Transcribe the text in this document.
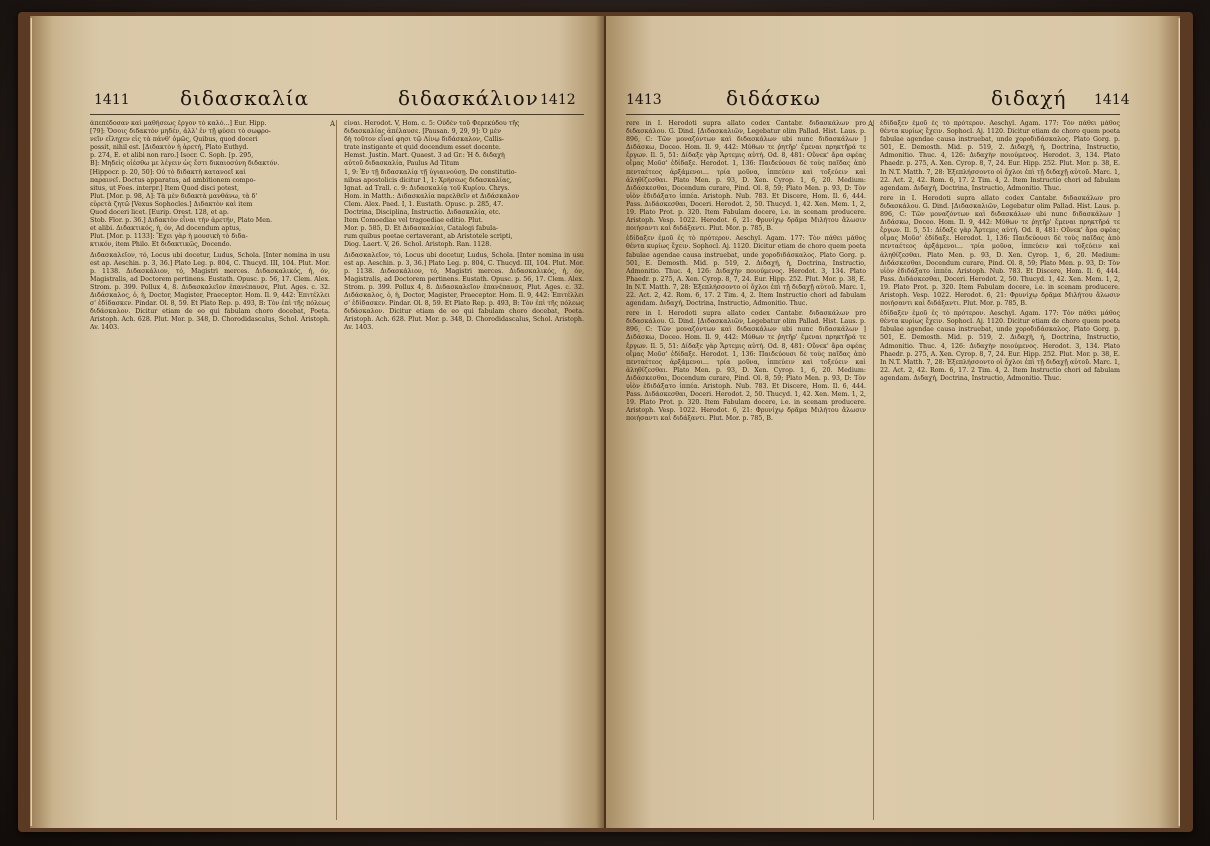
1411	διδασκαλία	διδασκάλιον 1412

ἀπεπέδοσαν καὶ μαθήσεως ἔργον τὸ καλὸ...] Eur. Hipp.

[79]: Ὅσοις διδακτὸν μηδέν, ἀλλ' ἐν τῇ φύσει τὸ σωφρο-

νεῖν εἴληχεν εἰς τὰ πάνθ' ὁμῶς, Quibus, quod doceri

possit, nihil est. [Διδακτὸν ἡ ἀρετή, Plato Euthyd.

p. 274, E. et alibi non raro.] Isocr. C. Soph. [p. 295,

B]: Μηδεὶς οἰέσθω με λέγειν ὡς ἔστι δικαιοσύνη διδακτόν.

[Hippocr. p. 20, 50]: Οὐ τὸ διδακτὴ κατανοεῖ καὶ

παραινεῖ. Doctus apparatus, ad ambitionem compo-

situs, ut Foes. interpr.] Item Quod disci potest,

Plut. [Mor. p. 98, A]: Τὰ μὲν διδακτὰ μανθάνω, τὰ δ'

εὑρετὰ ζητῶ [Vexus Sophocles.] Διδακτὸν καὶ item

Quod doceri licet. [Eurip. Orest. 128, et ap.

Stob. Flor. p. 36.] Διδακτὸν εἶναι τὴν ἀρετήν, Plato Men.

et alibi. Διδακτικός, ἡ, όν, Ad docendum aptus,

Plut. [Mor. p. 1133]: Ἔχει γὰρ ἡ μουσικὴ τὸ διδα-

κτικόν, item Philo. Et διδακτικῶς, Docendo.

Διδασκαλεῖον, τό, Locus ubi docetur, Ludus, Schola. [Inter nomina in usu est ap. Aeschin. p. 3, 36.] Plato Leg. p. 804, C. Thucyd. III, 104. Plut. Mor. p. 1138. Διδασκάλιον, τό, Magistri merces. Διδασκαλικός, ἡ, όν, Magistralis, ad Doctorem pertinens. Eustath. Opusc. p. 56, 17. Clem. Alex. Strom. p. 399. Pollux 4, 8. Διδασκαλεῖον ἐπανέπαυσε, Plut. Ages. c. 32. Διδάσκαλος, ὁ, ἡ, Doctor, Magister, Praeceptor. Hom. Il. 9, 442: Ἐπιτέλλει σ' ἐδίδασκεν. Pindar. Ol. 8, 59. Et Plato Rep. p. 493, B: Τὸν ἐπὶ τῆς πόλεως διδάσκαλον. Dicitur etiam de eo qui fabulam choro docebat, Poeta. Aristoph. Ach. 628. Plut. Mor. p. 348, D. Chorodidascalus, Schol. Aristoph. Av. 1403.

εἶναι. Herodot. V, Hom. c. 5: Οὐδὲν τοῦ Φερεκύδου τῆς

διδασκαλίας ἀπέλαυσε. [Pausan. 9, 29, 9]: Ὁ μὲν

δὴ τοῦτον εἶναί φησι τῷ Λίνῳ διδάσκαλον, Callis-

trate instigante et quid docendum esset docente.

Hemst. Justin. Mart. Quaest. 3 ad Gr.: Ἡ δ. διδαχὴ

αὐτοῦ διδασκαλία, Paulus Ad Titum

1, 9: Ἐν τῇ διδασκαλίᾳ τῇ ὑγιαινούσῃ. De constitutio-

nibus apostolicis dicitur 1, 1: Χρήσεως διδασκαλίας,

Ignat. ad Trall. c. 9: Διδασκαλίᾳ τοῦ Κυρίου. Chrys.

Hom. in Matth.: Διδασκαλία παρελθεῖν et Διδάσκαλον

Clem. Alex. Paed. I, 1. Eustath. Opusc. p. 285, 47.

Doctrina, Disciplina, Instructio. Διδασκαλία, etc.

Item Comoediae vel tragoediae editio. Plut.

Mor. p. 585, D. Et Διδασκαλίαι, Catalogi fabula-

rum quibus poetae certaverant, ab Aristotele scripti,

Diog. Laert. V, 26. Schol. Aristoph. Ran. 1128.

Διδασκαλεῖον, τό, Locus ubi docetur, Ludus, Schola. [Inter nomina in usu est ap. Aeschin. p. 3, 36.] Plato Leg. p. 804, C. Thucyd. III, 104. Plut. Mor. p. 1138. Διδασκάλιον, τό, Magistri merces. Διδασκαλικός, ἡ, όν, Magistralis, ad Doctorem pertinens. Eustath. Opusc. p. 56, 17. Clem. Alex. Strom. p. 399. Pollux 4, 8. Διδασκαλεῖον ἐπανέπαυσε, Plut. Ages. c. 32. Διδάσκαλος, ὁ, ἡ, Doctor, Magister, Praeceptor. Hom. Il. 9, 442: Ἐπιτέλλει σ' ἐδίδασκεν. Pindar. Ol. 8, 59. Et Plato Rep. p. 493, B: Τὸν ἐπὶ τῆς πόλεως διδάσκαλον. Dicitur etiam de eo qui fabulam choro docebat, Poeta. Aristoph. Ach. 628. Plut. Mor. p. 348, D. Chorodidascalus, Schol. Aristoph. Av. 1403.

A
1413	διδάσκω	διδαχή 1414

rere in I. Herodoti supra allato codex Cantabr. διδασκάλων pro διδασκάλου. G. Dind. [Διδασκαλιῶν, Legebatur olim Pallad. Hist. Laus. p. 896, C: Τῶν μοναζόντων καὶ διδασκάλων ubi nunc διδασκάλων ] Διδάσκω, Doceo. Hom. Il. 9, 442: Μύθων τε ῥητῆρ' ἔμεναι πρηκτῆρά τε ἔργων. Il. 5, 51: Δίδαξε γὰρ Ἄρτεμις αὐτή. Od. 8, 481: Οὕνεκ' ἄρα σφέας οἴμας Μοῦσ' ἐδίδαξε. Herodot. 1, 136: Παιδεύουσι δὲ τοὺς παῖδας ἀπὸ πενταέτεος ἀρξάμενοι... τρία μοῦνα, ἱππεύειν καὶ τοξεύειν καὶ ἀληθίζεσθαι. Plato Men. p. 93, D. Xen. Cyrop. 1, 6, 20. Medium: Διδάσκεσθαι, Docendum curare, Pind. Ol. 8, 59; Plato Men. p. 93, D: Τὸν υἱὸν ἐδιδάξατο ἱππέα. Aristoph. Nub. 783. Et Discere, Hom. Il. 6, 444. Pass. Διδάσκεσθαι, Doceri. Herodot. 2, 50. Thucyd. 1, 42. Xen. Mem. 1, 2, 19. Plato Prot. p. 320. Item Fabulam docere, i.e. in scenam producere. Aristoph. Vesp. 1022. Herodot. 6, 21: Φρυνίχῳ δρᾶμα Μιλήτου ἅλωσιν ποιήσαντι καὶ διδάξαντι. Plut. Mor. p. 785, B.

ἐδίδαξεν ἐμοῦ ἐς τὸ πρότερον. Aeschyl. Agam. 177: Τὸν πάθει μάθος θέντα κυρίως ἔχειν. Sophocl. Aj. 1120. Dicitur etiam de choro quem poeta fabulae agendae causa instruebat, unde χοροδιδάσκαλος. Plato Gorg. p. 501, E. Demosth. Mid. p. 519, 2. Διδαχή, ἡ, Doctrina, Instructio, Admonitio. Thuc. 4, 126: Διδαχὴν ποιούμενος. Herodot. 3, 134. Plato Phaedr. p. 275, A. Xen. Cyrop. 8, 7, 24. Eur. Hipp. 252. Plut. Mor. p. 38, E. In N.T. Matth. 7, 28: Ἐξεπλήσσοντο οἱ ὄχλοι ἐπὶ τῇ διδαχῇ αὐτοῦ. Marc. 1, 22. Act. 2, 42. Rom. 6, 17. 2 Tim. 4, 2. Item Instructio chori ad fabulam agendam. Διδαχή, Doctrina, Instructio, Admonitio. Thuc.

rere in I. Herodoti supra allato codex Cantabr. διδασκάλων pro διδασκάλου. G. Dind. [Διδασκαλιῶν, Legebatur olim Pallad. Hist. Laus. p. 896, C: Τῶν μοναζόντων καὶ διδασκάλων ubi nunc διδασκάλων ] Διδάσκω, Doceo. Hom. Il. 9, 442: Μύθων τε ῥητῆρ' ἔμεναι πρηκτῆρά τε ἔργων. Il. 5, 51: Δίδαξε γὰρ Ἄρτεμις αὐτή. Od. 8, 481: Οὕνεκ' ἄρα σφέας οἴμας Μοῦσ' ἐδίδαξε. Herodot. 1, 136: Παιδεύουσι δὲ τοὺς παῖδας ἀπὸ πενταέτεος ἀρξάμενοι... τρία μοῦνα, ἱππεύειν καὶ τοξεύειν καὶ ἀληθίζεσθαι. Plato Men. p. 93, D. Xen. Cyrop. 1, 6, 20. Medium: Διδάσκεσθαι, Docendum curare, Pind. Ol. 8, 59; Plato Men. p. 93, D: Τὸν υἱὸν ἐδιδάξατο ἱππέα. Aristoph. Nub. 783. Et Discere, Hom. Il. 6, 444. Pass. Διδάσκεσθαι, Doceri. Herodot. 2, 50. Thucyd. 1, 42. Xen. Mem. 1, 2, 19. Plato Prot. p. 320. Item Fabulam docere, i.e. in scenam producere. Aristoph. Vesp. 1022. Herodot. 6, 21: Φρυνίχῳ δρᾶμα Μιλήτου ἅλωσιν ποιήσαντι καὶ διδάξαντι. Plut. Mor. p. 785, B.

ἐδίδαξεν ἐμοῦ ἐς τὸ πρότερον. Aeschyl. Agam. 177: Τὸν πάθει μάθος θέντα κυρίως ἔχειν. Sophocl. Aj. 1120. Dicitur etiam de choro quem poeta fabulae agendae causa instruebat, unde χοροδιδάσκαλος. Plato Gorg. p. 501, E. Demosth. Mid. p. 519, 2. Διδαχή, ἡ, Doctrina, Instructio, Admonitio. Thuc. 4, 126: Διδαχὴν ποιούμενος. Herodot. 3, 134. Plato Phaedr. p. 275, A. Xen. Cyrop. 8, 7, 24. Eur. Hipp. 252. Plut. Mor. p. 38, E. In N.T. Matth. 7, 28: Ἐξεπλήσσοντο οἱ ὄχλοι ἐπὶ τῇ διδαχῇ αὐτοῦ. Marc. 1, 22. Act. 2, 42. Rom. 6, 17. 2 Tim. 4, 2. Item Instructio chori ad fabulam agendam. Διδαχή, Doctrina, Instructio, Admonitio. Thuc.

rere in I. Herodoti supra allato codex Cantabr. διδασκάλων pro διδασκάλου. G. Dind. [Διδασκαλιῶν, Legebatur olim Pallad. Hist. Laus. p. 896, C: Τῶν μοναζόντων καὶ διδασκάλων ubi nunc διδασκάλων ] Διδάσκω, Doceo. Hom. Il. 9, 442: Μύθων τε ῥητῆρ' ἔμεναι πρηκτῆρά τε ἔργων. Il. 5, 51: Δίδαξε γὰρ Ἄρτεμις αὐτή. Od. 8, 481: Οὕνεκ' ἄρα σφέας οἴμας Μοῦσ' ἐδίδαξε. Herodot. 1, 136: Παιδεύουσι δὲ τοὺς παῖδας ἀπὸ πενταέτεος ἀρξάμενοι... τρία μοῦνα, ἱππεύειν καὶ τοξεύειν καὶ ἀληθίζεσθαι. Plato Men. p. 93, D. Xen. Cyrop. 1, 6, 20. Medium: Διδάσκεσθαι, Docendum curare, Pind. Ol. 8, 59; Plato Men. p. 93, D: Τὸν υἱὸν ἐδιδάξατο ἱππέα. Aristoph. Nub. 783. Et Discere, Hom. Il. 6, 444. Pass. Διδάσκεσθαι, Doceri. Herodot. 2, 50. Thucyd. 1, 42. Xen. Mem. 1, 2, 19. Plato Prot. p. 320. Item Fabulam docere, i.e. in scenam producere. Aristoph. Vesp. 1022. Herodot. 6, 21: Φρυνίχῳ δρᾶμα Μιλήτου ἅλωσιν ποιήσαντι καὶ διδάξαντι. Plut. Mor. p. 785, B.

ἐδίδαξεν ἐμοῦ ἐς τὸ πρότερον. Aeschyl. Agam. 177: Τὸν πάθει μάθος θέντα κυρίως ἔχειν. Sophocl. Aj. 1120. Dicitur etiam de choro quem poeta fabulae agendae causa instruebat, unde χοροδιδάσκαλος. Plato Gorg. p. 501, E. Demosth. Mid. p. 519, 2. Διδαχή, ἡ, Doctrina, Instructio, Admonitio. Thuc. 4, 126: Διδαχὴν ποιούμενος. Herodot. 3, 134. Plato Phaedr. p. 275, A. Xen. Cyrop. 8, 7, 24. Eur. Hipp. 252. Plut. Mor. p. 38, E. In N.T. Matth. 7, 28: Ἐξεπλήσσοντο οἱ ὄχλοι ἐπὶ τῇ διδαχῇ αὐτοῦ. Marc. 1, 22. Act. 2, 42. Rom. 6, 17. 2 Tim. 4, 2. Item Instructio chori ad fabulam agendam. Διδαχή, Doctrina, Instructio, Admonitio. Thuc.

A
